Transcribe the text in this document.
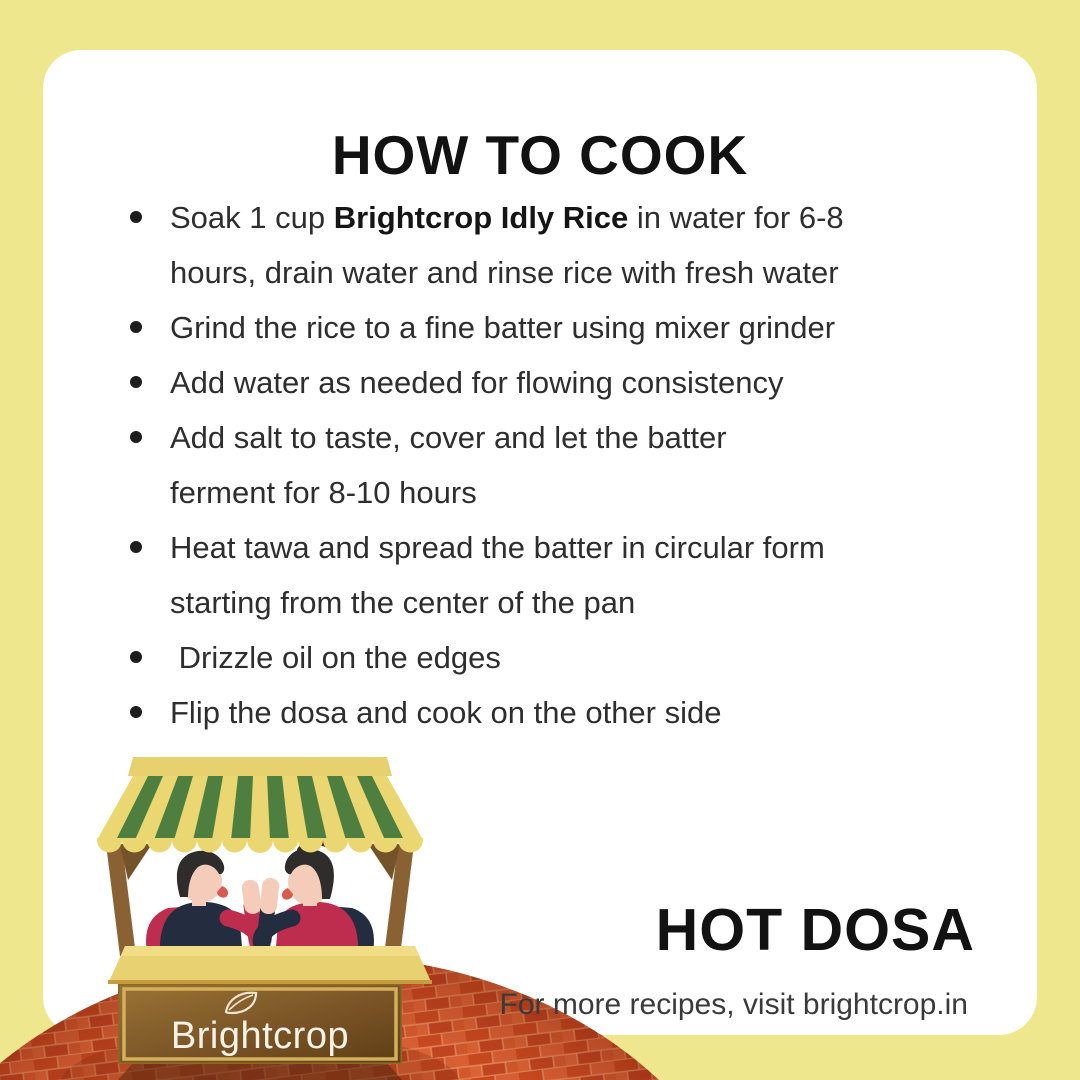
HOW TO COOK
Soak 1 cup Brightcrop Idly Rice in water for 6-8
hours, drain water and rinse rice with fresh water
Grind the rice to a fine batter using mixer grinder
Add water as needed for flowing consistency
Add salt to taste, cover and let the batter
ferment for 8-10 hours
Heat tawa and spread the batter in circular form
starting from the center of the pan
Drizzle oil on the edges
Flip the dosa and cook on the other side
HOT DOSA
For more recipes, visit brightcrop.in
Brightcrop
